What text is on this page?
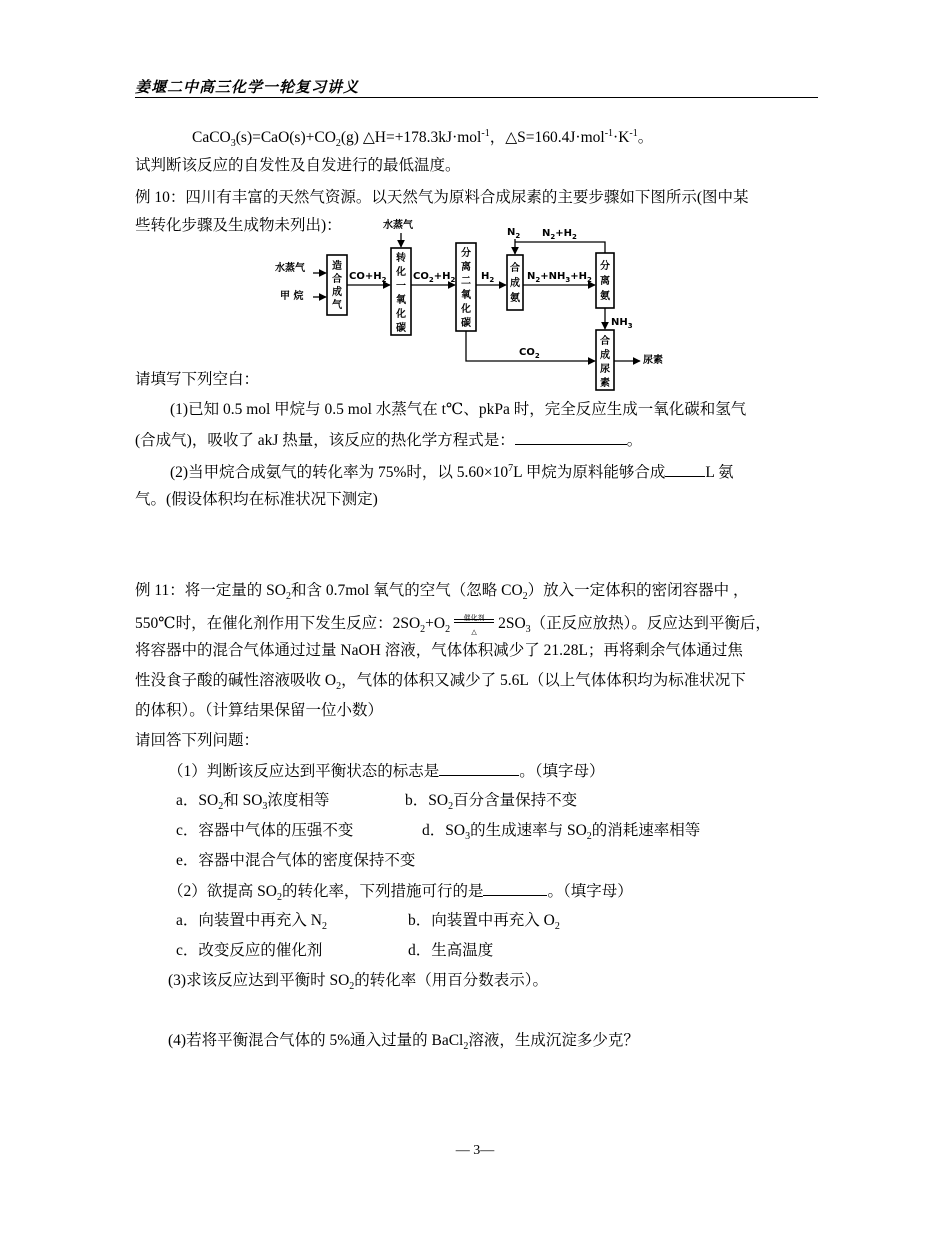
姜堰二中高三化学一轮复习讲义
$CaCO_3(s)=CaO(s)+CO_2(g)$ △H=+178.3kJ·mol$^{-1}$，$\triangle S=160.4J\cdot mol^{-1}\cdot K^{-1}$。
试判断该反应的自发性及自发进行的最低温度。
例 10：四川有丰富的天然气资源。以天然气为原料合成尿素的主要步骤如下图所示(图中某
些转化步骤及生成物未列出)：
造
合
成
气
转
化
一
氧
化
碳
分
离
二
氧
化
碳
合
成
氨
分
离
氨
合
成
尿
素
水蒸气
水蒸气
甲 烷
$CO+H_2$	$CO_2+H_2$	$H_2$
$N_2$ $N_2+H_2$
$N_2+NH_3+H_2$
$NH_3$
$CO_2$	尿素
请填写下列空白：
(1)已知 0.5 mol 甲烷与 0.5 mol 水蒸气在 t℃、pkPa 时，完全反应生成一氧化碳和氢气
(合成气)，吸收了 akJ 热量，该反应的热化学方程式是：	。
(2)当甲烷合成氨气的转化率为 75%时，以 $5.60\times 10^7L$ 甲烷为原料能够合成	L 氨
气。(假设体积均在标准状况下测定)
例 11：将一定量的 $SO_2$和含 0.7mol 氧气的空气（忽略 $CO_2$）放入一定体积的密闭容器中 ，
550℃时，在催化剂作用下发生反应：$2SO_2+O_2$
催化剂
△	$2SO_3$（正反应放热）。反应达到平衡后，
将容器中的混合气体通过过量 NaOH 溶液，气体体积减少了 21.28L；再将剩余气体通过焦
性没食子酸的碱性溶液吸收 $O_2$，气体的体积又减少了 5.6L（以上气体体积均为标准状况下
的体积）。（计算结果保留一位小数）
请回答下列问题：
（1）判断该反应达到平衡状态的标志是	。（填字母）
a．$SO_2$和 $SO_3$浓度相等	b．$SO_2$百分含量保持不变
c．容器中气体的压强不变	d．$SO_3$的生成速率与 $SO_2$的消耗速率相等
e．容器中混合气体的密度保持不变
（2）欲提高 $SO_2$的转化率，下列措施可行的是	。（填字母）
a．向装置中再充入 $N_2$	b．向装置中再充入 $O_2$
c．改变反应的催化剂	d．生高温度
(3)求该反应达到平衡时 $SO_2$的转化率（用百分数表示）。
(4)若将平衡混合气体的 5%通入过量的 BaCl$_2$溶液，生成沉淀多少克？
— 3—
